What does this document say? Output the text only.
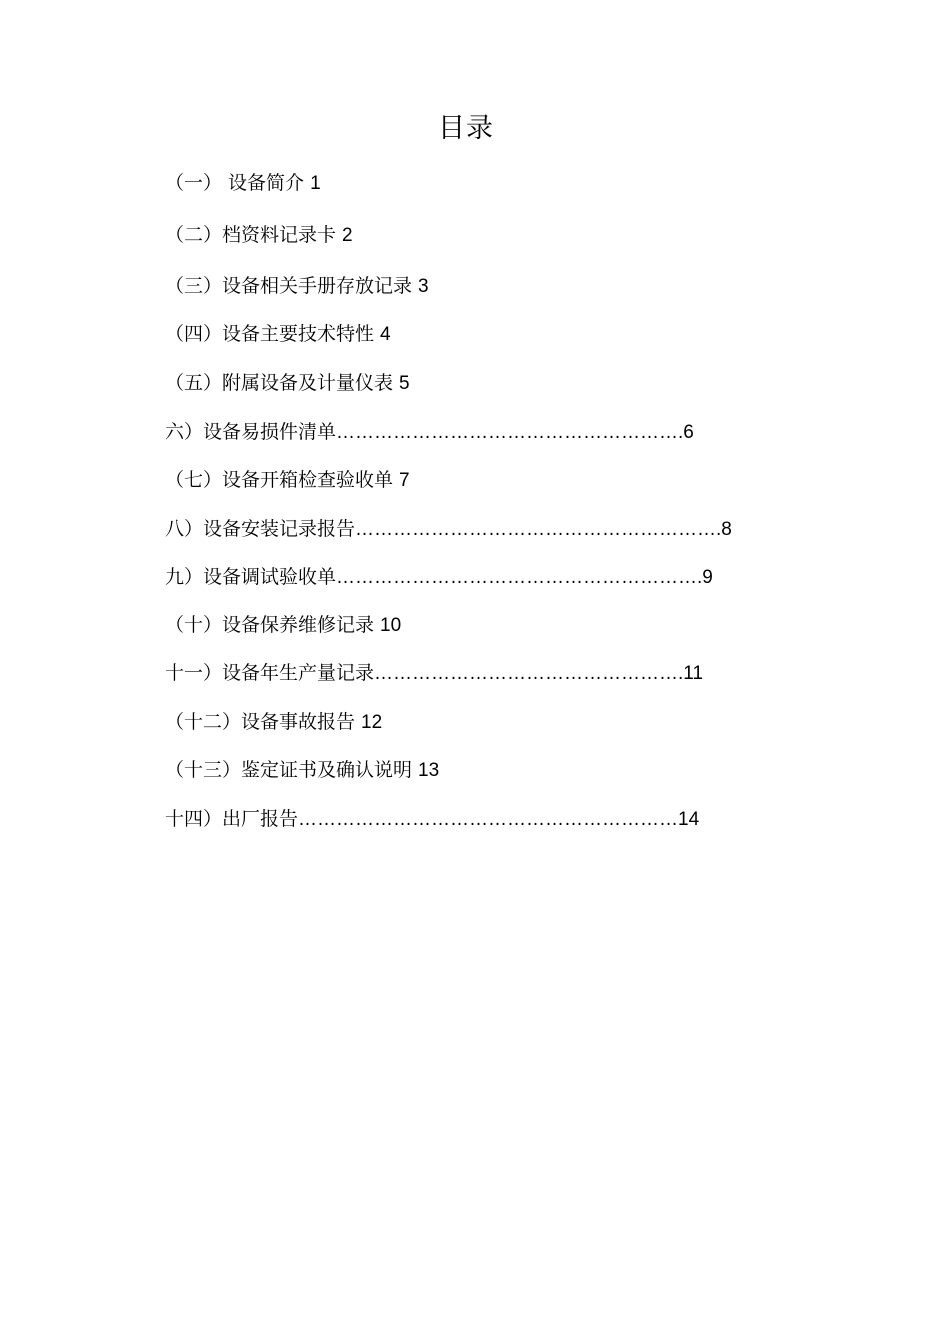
目录
（一） 设备简介 1
（二）档资料记录卡 2
（三）设备相关手册存放记录 3
（四）设备主要技术特性 4
（五）附属设备及计量仪表 5
六）设备易损件清单……………………………………………….6
（七）设备开箱检查验收单 7
八）设备安装记录报告………………………………………………….8
九）设备调试验收单………………………………………………….9
（十）设备保养维修记录 10
十一）设备年生产量记录………………………………………….11
（十二）设备事故报告 12
（十三）鉴定证书及确认说明 13
十四）出厂报告……………………………………………………14
